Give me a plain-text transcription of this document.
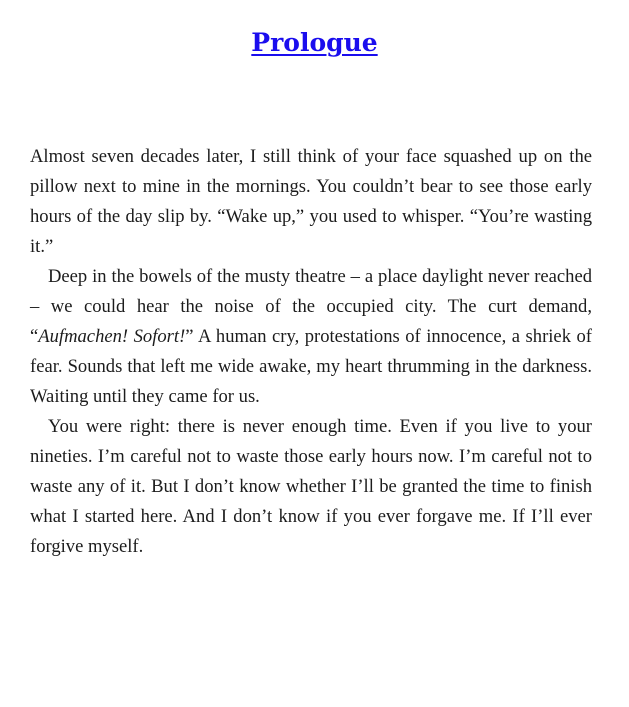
Prologue

Almost seven decades later, I still think of your face squashed up on the pillow next to mine in the mornings. You couldn’t bear to see those early hours of the day slip by. “Wake up,” you used to whisper. “You’re wasting it.”

Deep in the bowels of the musty theatre – a place daylight never reached – we could hear the noise of the occupied city. The curt demand, “Aufmachen! Sofort!” A human cry, protestations of innocence, a shriek of fear. Sounds that left me wide awake, my heart thrumming in the darkness. Waiting until they came for us.

You were right: there is never enough time. Even if you live to your nineties. I’m careful not to waste those early hours now. I’m careful not to waste any of it. But I don’t know whether I’ll be granted the time to finish what I started here. And I don’t know if you ever forgave me. If I’ll ever forgive myself.
